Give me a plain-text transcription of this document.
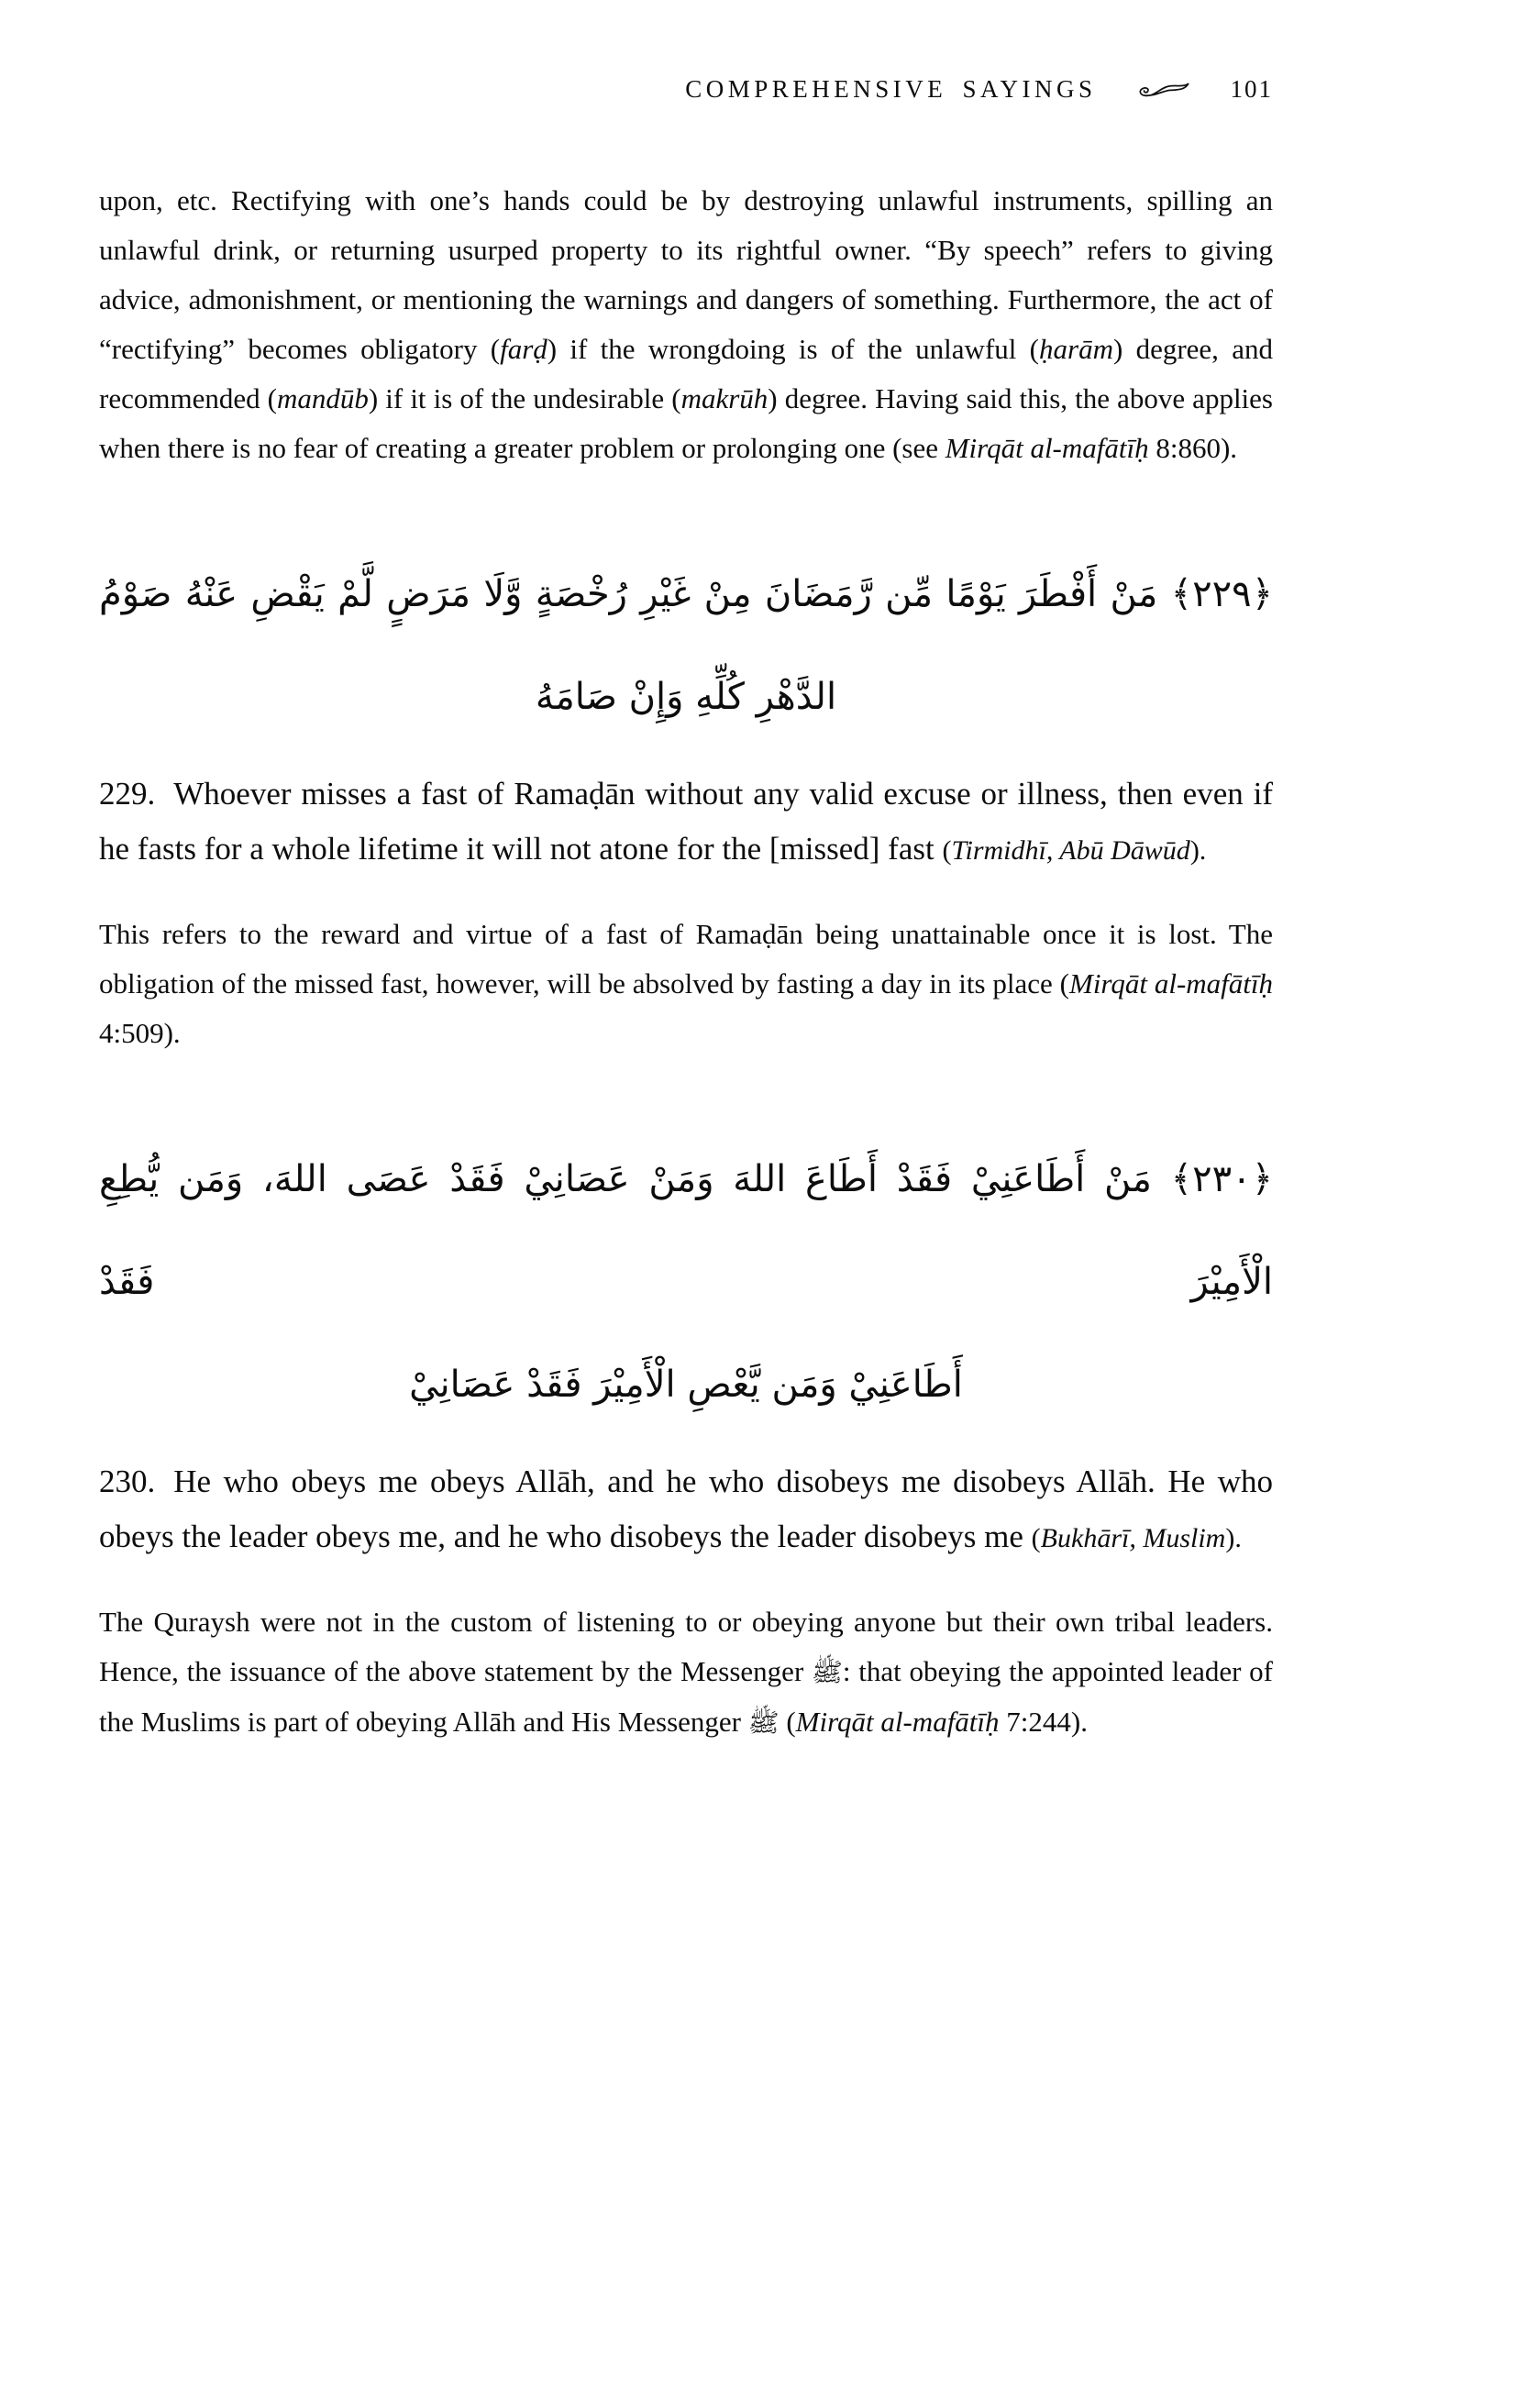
COMPREHENSIVE SAYINGS	101

upon, etc. Rectifying with one’s hands could be by destroying unlawful instruments, spilling an unlawful drink, or returning usurped property to its rightful owner. “By speech” refers to giving advice, admonishment, or mentioning the warnings and dangers of something. Furthermore, the act of “rectifying” becomes obligatory (farḍ) if the wrongdoing is of the unlawful (ḥarām) degree, and recommended (mandūb) if it is of the undesirable (makrūh) degree. Having said this, the above applies when there is no fear of creating a greater problem or prolonging one (see Mirqāt al-mafātīḥ 8:860).

﴿٢٢٩﴾ مَنْ أَفْطَرَ يَوْمًا مِّن رَّمَضَانَ مِنْ غَيْرِ رُخْصَةٍ وَّلَا مَرَضٍ لَّمْ يَقْضِ عَنْهُ صَوْمُ
الدَّهْرِ كُلِّهِ وَإِنْ صَامَهُ

229. Whoever misses a fast of Ramaḍān without any valid excuse or illness, then even if he fasts for a whole lifetime it will not atone for the [missed] fast (Tirmidhī, Abū Dāwūd).

This refers to the reward and virtue of a fast of Ramaḍān being unattainable once it is lost. The obligation of the missed fast, however, will be absolved by fasting a day in its place (Mirqāt al-mafātīḥ 4:509).

﴿٢٣٠﴾ مَنْ أَطَاعَنِيْ فَقَدْ أَطَاعَ اللهَ وَمَنْ عَصَانِيْ فَقَدْ عَصَى اللهَ، وَمَن يُّطِعِ الْأَمِيْرَ فَقَدْ
أَطَاعَنِيْ وَمَن يَّعْصِ الْأَمِيْرَ فَقَدْ عَصَانِيْ

230. He who obeys me obeys Allāh, and he who disobeys me disobeys Allāh. He who obeys the leader obeys me, and he who disobeys the leader disobeys me (Bukhārī, Muslim).

The Quraysh were not in the custom of listening to or obeying anyone but their own tribal leaders. Hence, the issuance of the above statement by the Messenger ﷺ: that obeying the appointed leader of the Muslims is part of obeying Allāh and His Messenger ﷺ (Mirqāt al-mafātīḥ 7:244).
